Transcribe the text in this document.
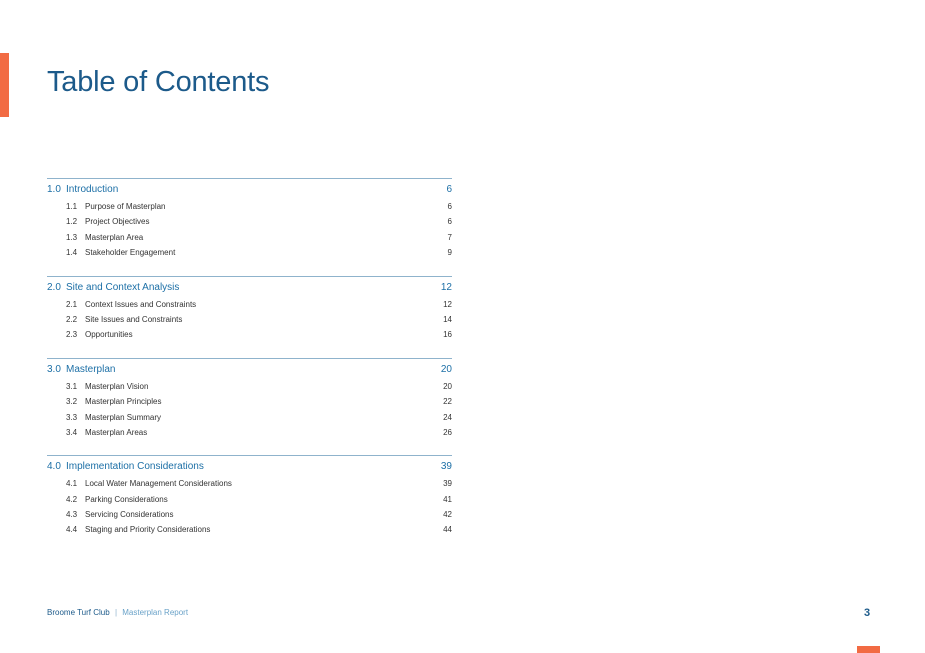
Table of Contents
1.0 Introduction	6
1.1 Purpose of Masterplan	6
1.2 Project Objectives	6
1.3 Masterplan Area	7
1.4 Stakeholder Engagement	9
2.0 Site and Context Analysis	12
2.1 Context Issues and Constraints	12
2.2 Site Issues and Constraints	14
2.3 Opportunities	16
3.0 Masterplan	20
3.1 Masterplan Vision	20
3.2 Masterplan Principles	22
3.3 Masterplan Summary	24
3.4 Masterplan Areas	26
4.0 Implementation Considerations	39
4.1 Local Water Management Considerations	39
4.2 Parking Considerations	41
4.3 Servicing Considerations	42
4.4 Staging and Priority Considerations	44
Broome Turf Club | Masterplan Report	3
